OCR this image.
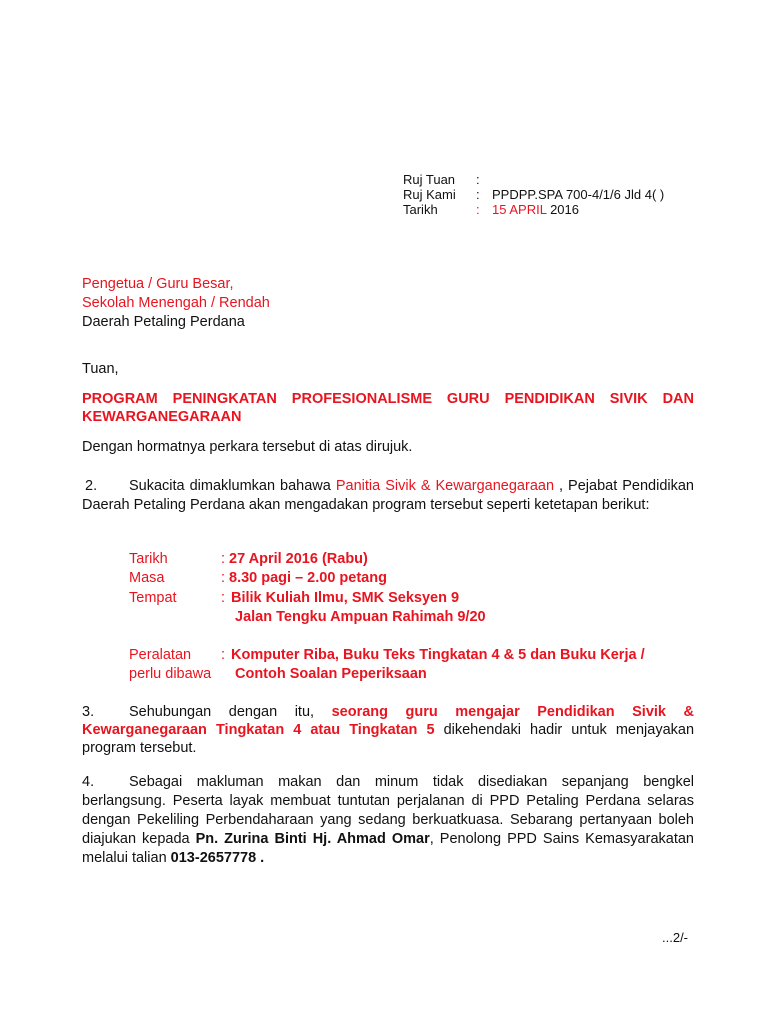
Ruj Tuan :
Ruj Kami : PPDPP.SPA 700-4/1/6 Jld 4( )
Tarikh	: 15 APRIL 2016
Pengetua / Guru Besar,
Sekolah Menengah / Rendah
Daerah Petaling Perdana
Tuan,
PROGRAM PENINGKATAN PROFESIONALISME GURU PENDIDIKAN SIVIK DAN KEWARGANEGARAAN
Dengan hormatnya perkara tersebut di atas dirujuk.
2. Sukacita dimaklumkan bahawa Panitia Sivik & Kewarganegaraan , Pejabat Pendidikan Daerah Petaling Perdana akan mengadakan program tersebut seperti ketetapan berikut:
Tarikh	: 27 April 2016 (Rabu)
Masa	: 8.30 pagi – 2.00 petang
Tempat	: Bilik Kuliah Ilmu, SMK Seksyen 9
Jalan Tengku Ampuan Rahimah 9/20
Peralatan : Komputer Riba, Buku Teks Tingkatan 4 & 5 dan Buku Kerja /
perlu dibawa Contoh Soalan Peperiksaan
3. Sehubungan dengan itu, seorang guru mengajar Pendidikan Sivik & Kewarganegaraan Tingkatan 4 atau Tingkatan 5 dikehendaki hadir untuk menjayakan program tersebut.
4. Sebagai makluman makan dan minum tidak disediakan sepanjang bengkel berlangsung. Peserta layak membuat tuntutan perjalanan di PPD Petaling Perdana selaras dengan Pekeliling Perbendaharaan yang sedang berkuatkuasa. Sebarang pertanyaan boleh diajukan kepada Pn. Zurina Binti Hj. Ahmad Omar, Penolong PPD Sains Kemasyarakatan melalui talian 013-2657778 .
...2/-
